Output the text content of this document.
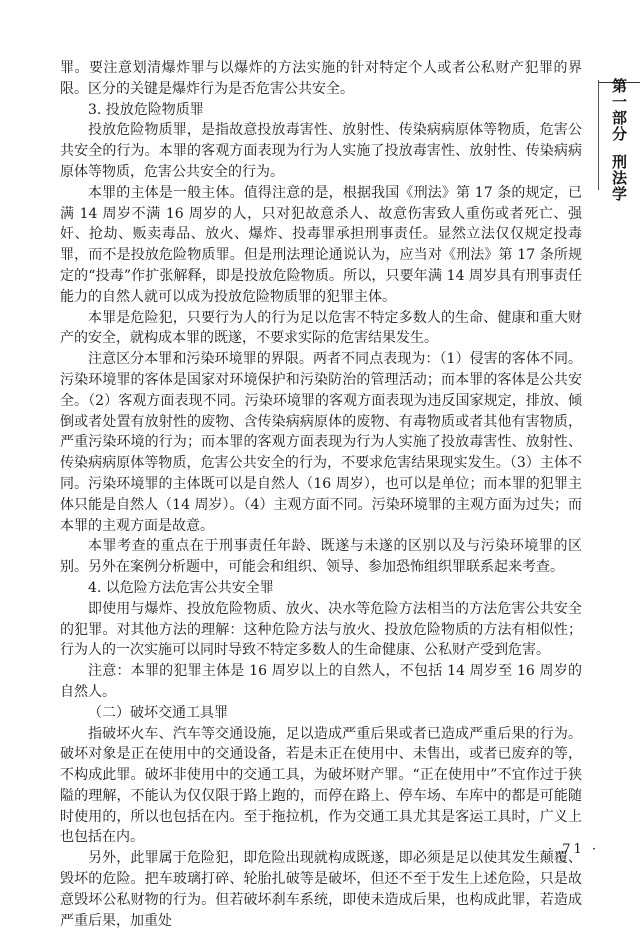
第一部分
刑法学

罪。要注意划清爆炸罪与以爆炸的方法实施的针对特定个人或者公私财产犯罪的界限。区分的关键是爆炸行为是否危害公共安全。

3. 投放危险物质罪

投放危险物质罪，是指故意投放毒害性、放射性、传染病病原体等物质，危害公共安全的行为。本罪的客观方面表现为行为人实施了投放毒害性、放射性、传染病病原体等物质，危害公共安全的行为。

本罪的主体是一般主体。值得注意的是，根据我国《刑法》第 17 条的规定，已满 14 周岁不满 16 周岁的人，只对犯故意杀人、故意伤害致人重伤或者死亡、强奸、抢劫、贩卖毒品、放火、爆炸、投毒罪承担刑事责任。显然立法仅仅规定投毒罪，而不是投放危险物质罪。但是刑法理论通说认为，应当对《刑法》第 17 条所规定的“投毒”作扩张解释，即是投放危险物质。所以，只要年满 14 周岁具有刑事责任能力的自然人就可以成为投放危险物质罪的犯罪主体。

本罪是危险犯，只要行为人的行为足以危害不特定多数人的生命、健康和重大财产的安全，就构成本罪的既遂，不要求实际的危害结果发生。

注意区分本罪和污染环境罪的界限。两者不同点表现为：（1）侵害的客体不同。污染环境罪的客体是国家对环境保护和污染防治的管理活动；而本罪的客体是公共安全。（2）客观方面表现不同。污染环境罪的客观方面表现为违反国家规定，排放、倾倒或者处置有放射性的废物、含传染病病原体的废物、有毒物质或者其他有害物质，严重污染环境的行为；而本罪的客观方面表现为行为人实施了投放毒害性、放射性、传染病病原体等物质，危害公共安全的行为，不要求危害结果现实发生。（3）主体不同。污染环境罪的主体既可以是自然人（16 周岁），也可以是单位；而本罪的犯罪主体只能是自然人（14 周岁）。（4）主观方面不同。污染环境罪的主观方面为过失；而本罪的主观方面是故意。

本罪考查的重点在于刑事责任年龄、既遂与未遂的区别以及与污染环境罪的区别。另外在案例分析题中，可能会和组织、领导、参加恐怖组织罪联系起来考查。

4. 以危险方法危害公共安全罪

即使用与爆炸、投放危险物质、放火、决水等危险方法相当的方法危害公共安全的犯罪。对其他方法的理解：这种危险方法与放火、投放危险物质的方法有相似性；行为人的一次实施可以同时导致不特定多数人的生命健康、公私财产受到危害。

注意：本罪的犯罪主体是 16 周岁以上的自然人，不包括 14 周岁至 16 周岁的自然人。

（二）破坏交通工具罪

指破坏火车、汽车等交通设施，足以造成严重后果或者已造成严重后果的行为。破坏对象是正在使用中的交通设备，若是未正在使用中、未售出，或者已废弃的等，不构成此罪。破坏非使用中的交通工具，为破坏财产罪。“正在使用中”不宜作过于狭隘的理解，不能认为仅仅限于路上跑的，而停在路上、停车场、车库中的都是可能随时使用的，所以也包括在内。至于拖拉机，作为交通工具尤其是客运工具时，广义上也包括在内。

另外，此罪属于危险犯，即危险出现就构成既遂，即必须是足以使其发生颠覆、毁坏的危险。把车玻璃打碎、轮胎扎破等是破坏，但还不至于发生上述危险，只是故意毁坏公私财物的行为。但若破坏刹车系统，即使未造成后果，也构成此罪，若造成严重后果，加重处

· 71 ·
